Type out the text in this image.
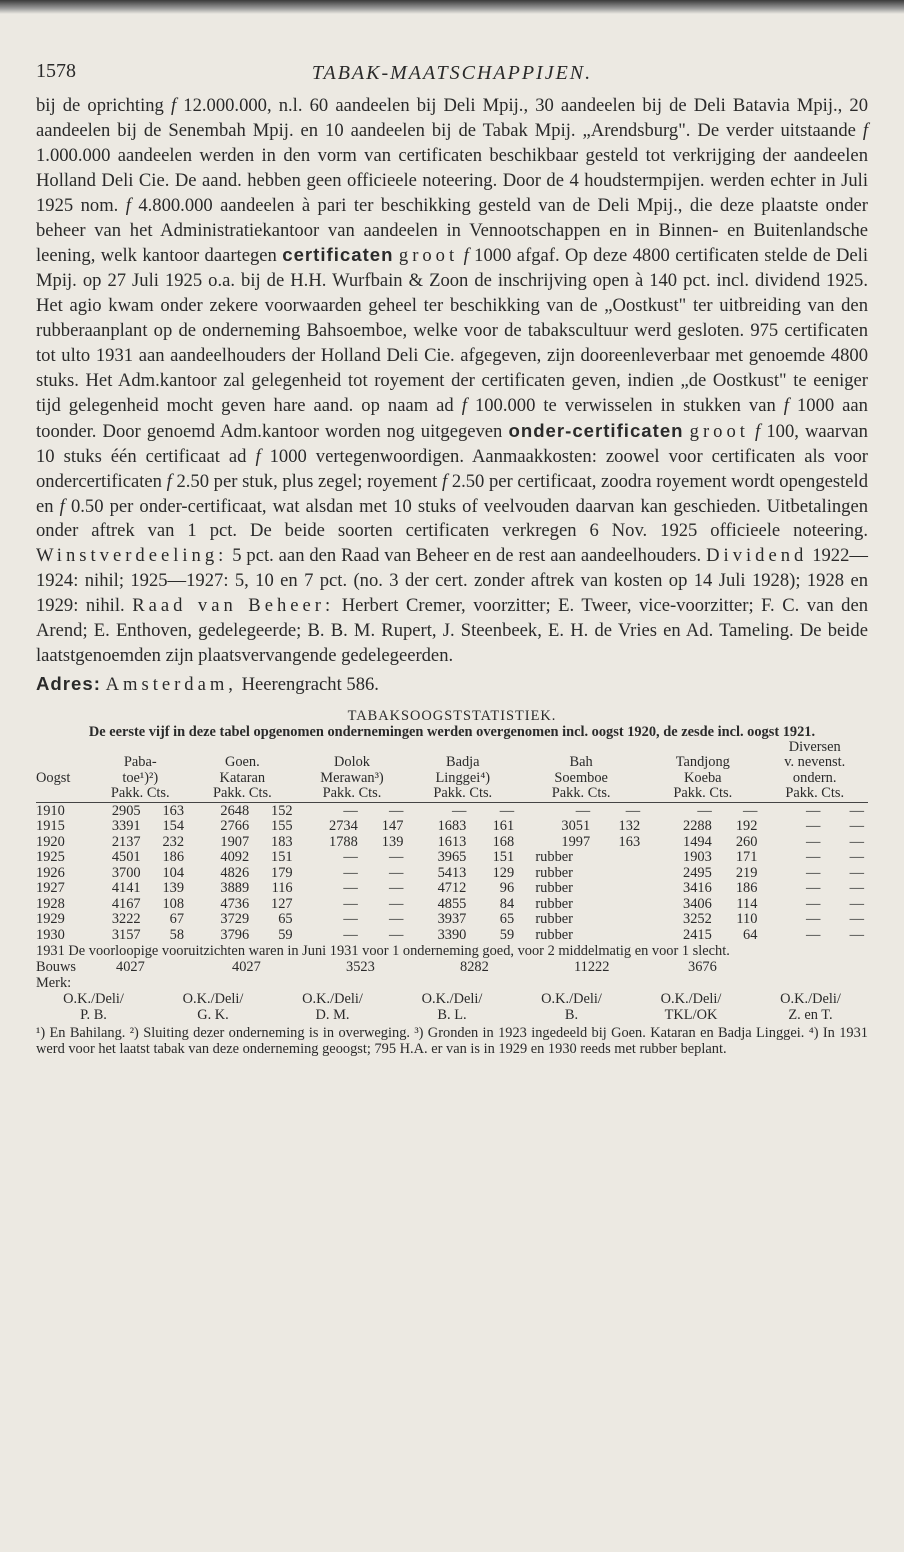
1578	TABAK-MAATSCHAPPIJEN.

bij de oprichting f 12.000.000, n.l. 60 aandeelen bij Deli Mpij., 30 aandeelen bij de Deli Batavia Mpij., 20 aandeelen bij de Senembah Mpij. en 10 aandeelen bij de Tabak Mpij. „Arendsburg". De verder uitstaande f 1.000.000 aandeelen werden in den vorm van certificaten beschikbaar gesteld tot verkrijging der aandeelen Holland Deli Cie. De aand. hebben geen officieele noteering. Door de 4 houdstermpijen. werden echter in Juli 1925 nom. f 4.800.000 aandeelen à pari ter beschikking gesteld van de Deli Mpij., die deze plaatste onder beheer van het Administratiekantoor van aandeelen in Vennootschappen en in Binnen- en Buitenlandsche leening, welk kantoor daartegen certificaten groot f 1000 afgaf. Op deze 4800 certificaten stelde de Deli Mpij. op 27 Juli 1925 o.a. bij de H.H. Wurfbain & Zoon de inschrijving open à 140 pct. incl. dividend 1925. Het agio kwam onder zekere voorwaarden geheel ter beschikking van de „Oostkust" ter uitbreiding van den rubberaanplant op de onderneming Bahsoemboe, welke voor de tabakscultuur werd gesloten. 975 certificaten tot ulto 1931 aan aandeelhouders der Holland Deli Cie. afgegeven, zijn dooreenleverbaar met genoemde 4800 stuks. Het Adm.kantoor zal gelegenheid tot royement der certificaten geven, indien „de Oostkust" te eeniger tijd gelegenheid mocht geven hare aand. op naam ad f 100.000 te verwisselen in stukken van f 1000 aan toonder. Door genoemd Adm.kantoor worden nog uitgegeven onder-certificaten groot f 100, waarvan 10 stuks één certificaat ad f 1000 vertegenwoordigen. Aanmaakkosten: zoowel voor certificaten als voor ondercertificaten f 2.50 per stuk, plus zegel; royement f 2.50 per certificaat, zoodra royement wordt opengesteld en f 0.50 per onder-certificaat, wat alsdan met 10 stuks of veelvouden daarvan kan geschieden. Uitbetalingen onder aftrek van 1 pct. De beide soorten certificaten verkregen 6 Nov. 1925 officieele noteering. Winstverdeeling: 5 pct. aan den Raad van Beheer en de rest aan aandeelhouders. Dividend 1922—1924: nihil; 1925—1927: 5, 10 en 7 pct. (no. 3 der cert. zonder aftrek van kosten op 14 Juli 1928); 1928 en 1929: nihil. Raad van Beheer: Herbert Cremer, voorzitter; E. Tweer, vice-voorzitter; F. C. van den Arend; E. Enthoven, gedelegeerde; B. B. M. Rupert, J. Steenbeek, E. H. de Vries en Ad. Tameling. De beide laatstgenoemden zijn plaatsvervangende gedelegeerden.

Adres: Amsterdam, Heerengracht 586.

TABAKSOOGSTSTATISTIEK.
De eerste vijf in deze tabel opgenomen ondernemingen werden overgenomen incl. oogst 1920, de zesde incl. oogst 1921.
													Diversen	
	Paba-		Goen.		Dolok		Badja		Bah		Tandjong		v. nevenst.	
Oogst	toe¹)²)		Kataran		Merawan³)		Linggei⁴)		Soemboe		Koeba		ondern.	
	Pakk. Cts.		Pakk. Cts.		Pakk. Cts.		Pakk. Cts.		Pakk. Cts.		Pakk. Cts.		Pakk. Cts.	

1910	2905	163	2648	152	—	—	—	—	—	—	—	—	—	—
1915	3391	154	2766	155	2734	147	1683	161	3051	132	2288	192	—	—
1920	2137	232	1907	183	1788	139	1613	168	1997	163	1494	260	—	—
1925	4501	186	4092	151	—	—	3965	151	rubber		1903	171	—	—
1926	3700	104	4826	179	—	—	5413	129	rubber		2495	219	—	—
1927	4141	139	3889	116	—	—	4712	96	rubber		3416	186	—	—
1928	4167	108	4736	127	—	—	4855	84	rubber		3406	114	—	—
1929	3222	67	3729	65	—	—	3937	65	rubber		3252	110	—	—
1930	3157	58	3796	59	—	—	3390	59	rubber		2415	64	—	—

1931 De voorloopige vooruitzichten waren in Juni 1931 voor 1 onderneming goed, voor 2 middelmatig en voor 1 slecht.

Bouws	4027	4027	3523	8282	11222	3676
Merk:
O.K./Deli/	O.K./Deli/	O.K./Deli/	O.K./Deli/	O.K./Deli/	O.K./Deli/	O.K./Deli/
P. B.	G. K.	D. M.	B. L.	B.	TKL/OK	Z. en T.

¹) En Bahilang. ²) Sluiting dezer onderneming is in overweging. ³) Gronden in 1923 ingedeeld bij Goen. Kataran en Badja Linggei. ⁴) In 1931 werd voor het laatst tabak van deze onderneming geoogst; 795 H.A. er van is in 1929 en 1930 reeds met rubber beplant.
